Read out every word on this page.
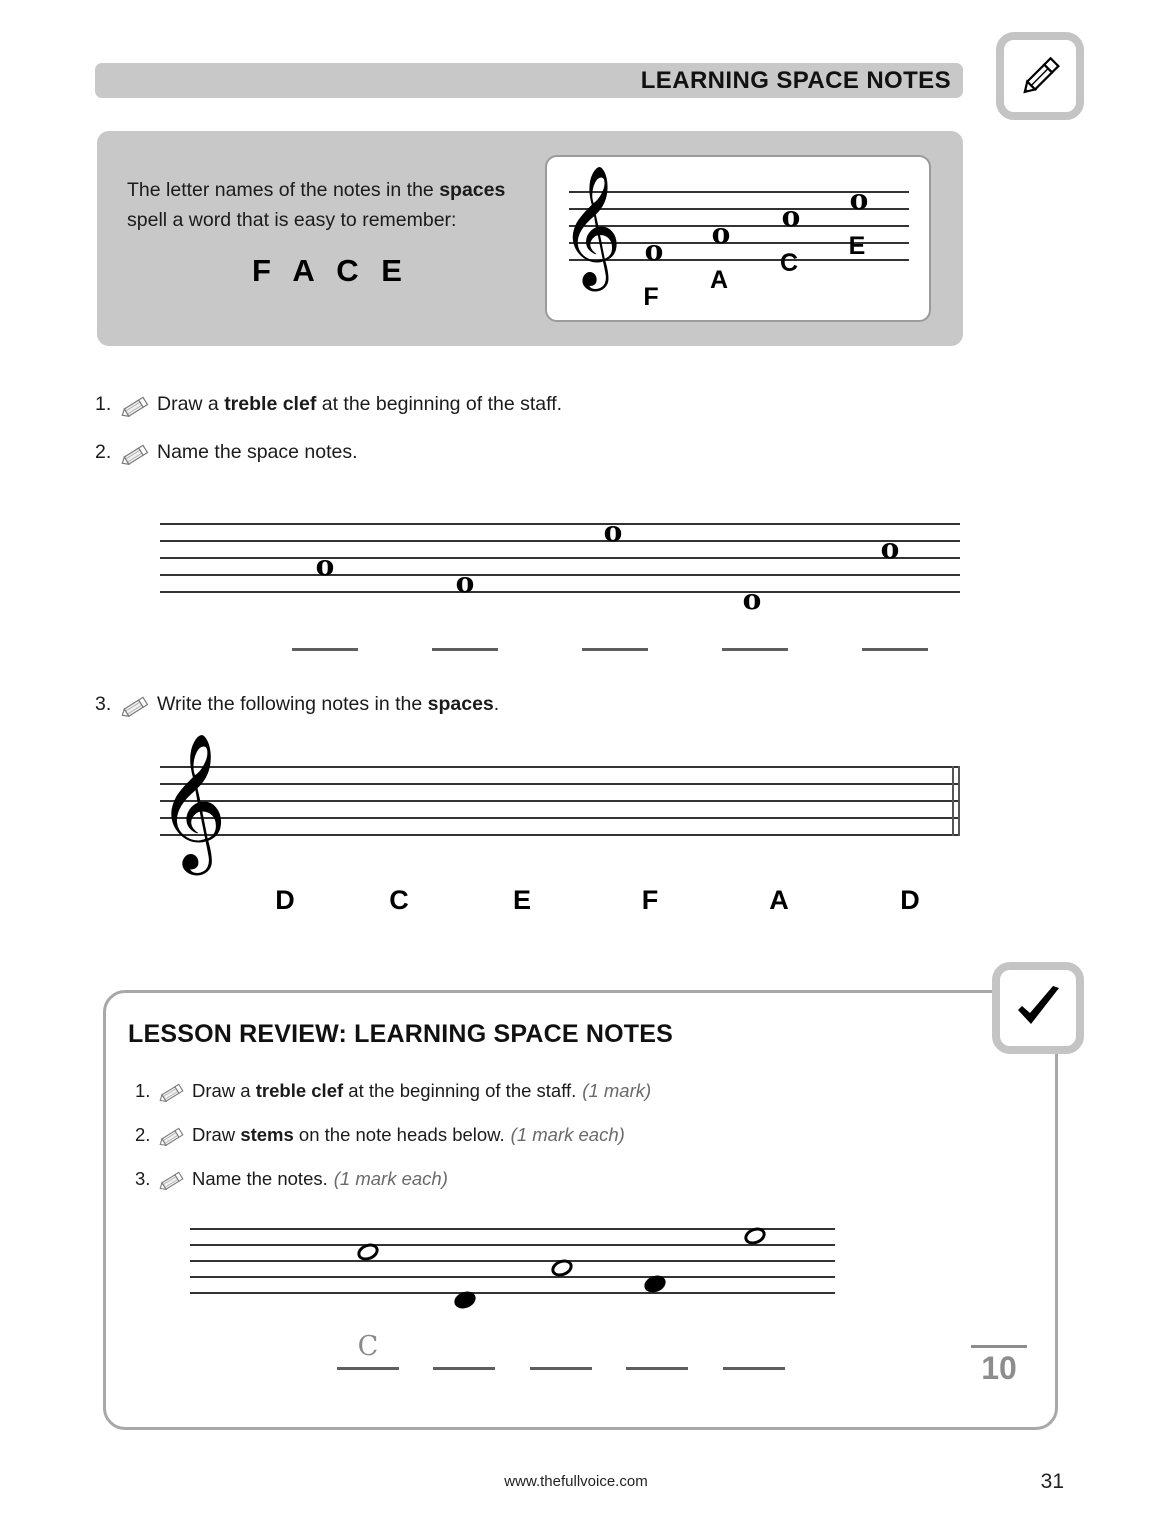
LEARNING SPACE NOTES
The letter names of the notes in the spaces
spell a word that is easy to remember:
F A C E 𝄞 o
o
o
o
F
A
C
E
1.	Draw a treble clef at the beginning of the staff.
2.	Name the space notes.
o
o
o
o
o
3.	Write the following notes in the spaces.
𝄞
D	C	E	F	A	D
LESSON REVIEW: LEARNING SPACE NOTES
1.	Draw a treble clef at the beginning of the staff. (1 mark)
2.	Draw stems on the note heads below. (1 mark each)
3.	Name the notes. (1 mark each)
C
10
www.thefullvoice.com	31
